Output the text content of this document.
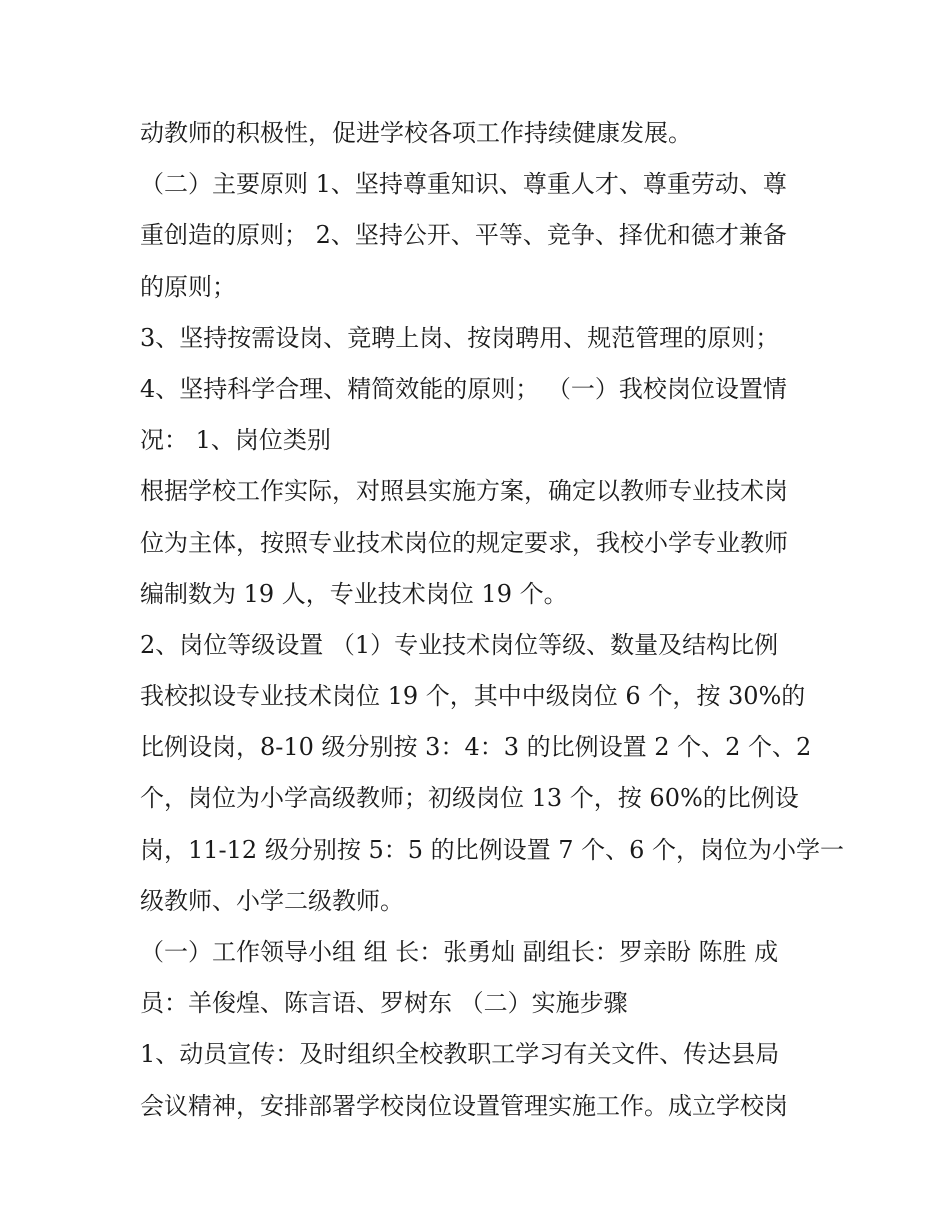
动教师的积极性，促进学校各项工作持续健康发展。
（二）主要原则 1、坚持尊重知识、尊重人才、尊重劳动、尊
重创造的原则； 2、坚持公开、平等、竞争、择优和德才兼备
的原则；
3、坚持按需设岗、竞聘上岗、按岗聘用、规范管理的原则；
4、坚持科学合理、精简效能的原则； （一）我校岗位设置情
况： 1、岗位类别
根据学校工作实际，对照县实施方案，确定以教师专业技术岗
位为主体，按照专业技术岗位的规定要求，我校小学专业教师
编制数为 19 人，专业技术岗位 19 个。
2、岗位等级设置 （1）专业技术岗位等级、数量及结构比例
我校拟设专业技术岗位 19 个，其中中级岗位 6 个，按 30%的
比例设岗，8-10 级分别按 3：4：3 的比例设置 2 个、2 个、2
个，岗位为小学高级教师；初级岗位 13 个，按 60%的比例设
岗，11-12 级分别按 5：5 的比例设置 7 个、6 个，岗位为小学一
级教师、小学二级教师。
（一）工作领导小组 组 长：张勇灿 副组长：罗亲盼 陈胜 成
员：羊俊煌、陈言语、罗树东 （二）实施步骤
1、动员宣传：及时组织全校教职工学习有关文件、传达县局
会议精神，安排部署学校岗位设置管理实施工作。成立学校岗
